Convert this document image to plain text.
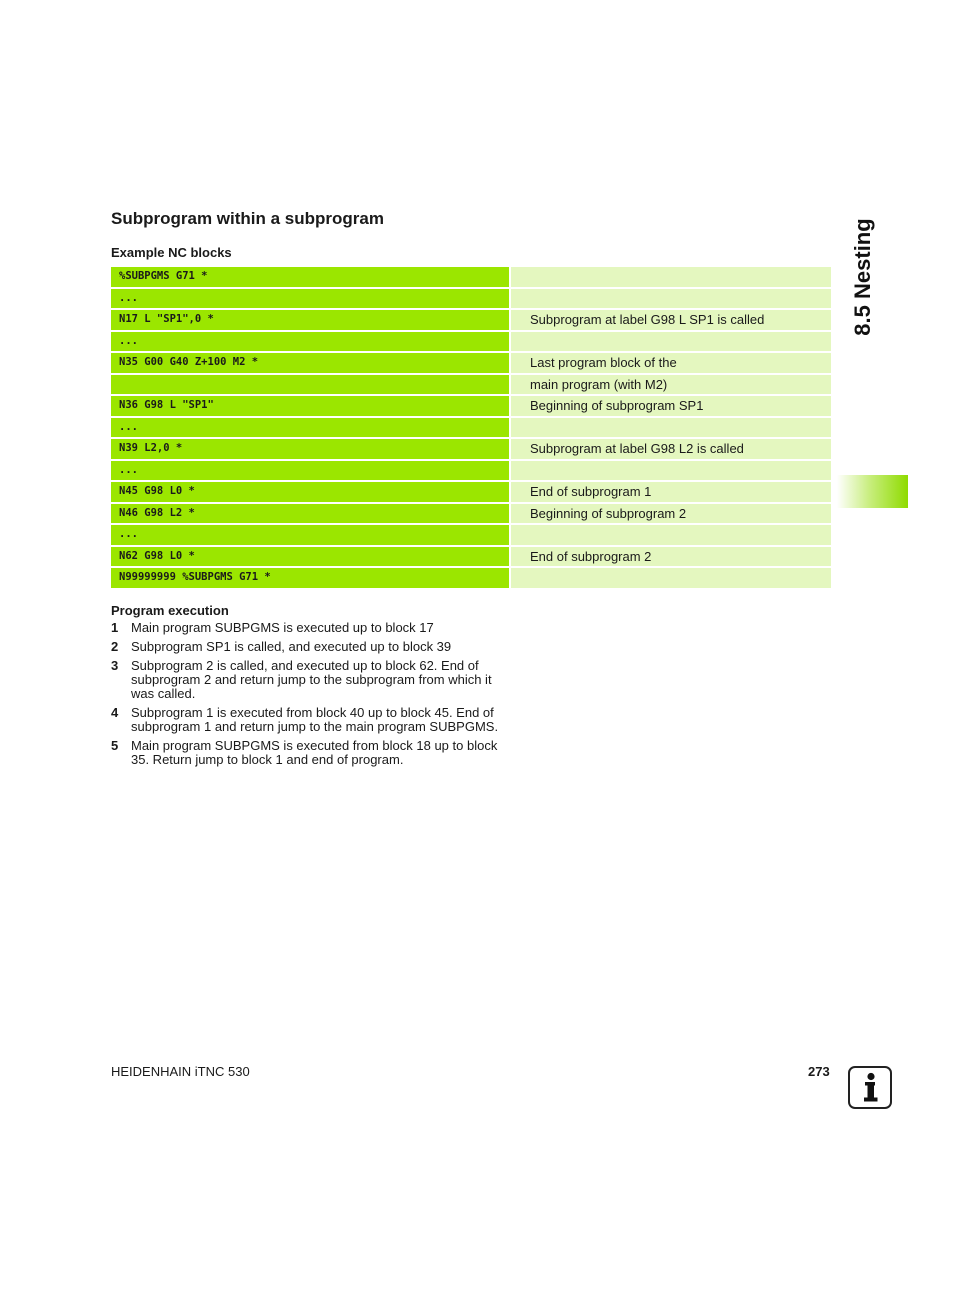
Subprogram within a subprogram
Example NC blocks
%SUBPGMS G71 *
...
N17 L "SP1",0 *	Subprogram at label G98 L SP1 is called
...
N35 G00 G40 Z+100 M2 *	Last program block of the
main program (with M2)
N36 G98 L "SP1"	Beginning of subprogram SP1
...
N39 L2,0 *	Subprogram at label G98 L2 is called
...
N45 G98 L0 *	End of subprogram 1
N46 G98 L2 *	Beginning of subprogram 2
...
N62 G98 L0 *	End of subprogram 2
N99999999 %SUBPGMS G71 *
Program execution
1 Main program SUBPGMS is executed up to block 17
2 Subprogram SP1 is called, and executed up to block 39
3 Subprogram 2 is called, and executed up to block 62. End of subprogram 2 and return jump to the subprogram from which it was called.
4 Subprogram 1 is executed from block 40 up to block 45. End of subprogram 1 and return jump to the main program SUBPGMS.
5 Main program SUBPGMS is executed from block 18 up to block 35. Return jump to block 1 and end of program.
8.5 Nesting
HEIDENHAIN iTNC 530	273
